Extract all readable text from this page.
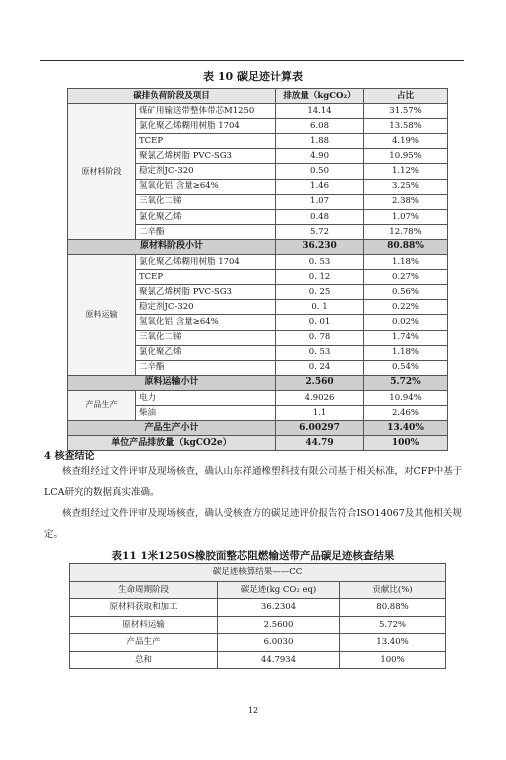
表 10 碳足迹计算表
碳排负荷阶段及项目		排放量（kgCO₂）	占比
原材料阶段	煤矿用输送带整体带芯M1250	14.14	31.57%
	氯化聚乙烯糊用树脂 1704	6.08	13.58%
	TCEP	1.88	4.19%
	聚氯乙烯树脂 PVC-SG3	4.90	10.95%
	稳定剂JC-320	0.50	1.12%
	氢氧化铝 含量≥64%	1.46	3.25%
	三氧化二锑	1.07	2.38%
	氯化聚乙烯	0.48	1.07%
	二辛酯	5.72	12.78%
原材料阶段小计		36.230	80.88%
原料运输	氯化聚乙烯糊用树脂 1704	0. 53	1.18%
	TCEP	0. 12	0.27%
	聚氯乙烯树脂 PVC-SG3	0. 25	0.56%
	稳定剂JC-320	0. 1	0.22%
	氢氧化铝 含量≥64%	0. 01	0.02%
	三氧化二锑	0. 78	1.74%
	氯化聚乙烯	0. 53	1.18%
	二辛酯	0. 24	0.54%
原料运输小计		2.560	5.72%
产品生产	电力	4.9026	10.94%
	柴油	1.1	2.46%
产品生产小计		6.00297	13.40%
单位产品排放量（kgCO2e）		44.79	100%
4 核查结论
核查组经过文件评审及现场核查，确认山东祥通橡塑科技有限公司基于相关标准，对CFP中基于LCA研究的数据真实准确。
核查组经过文件评审及现场核查，确认受核查方的碳足迹评价报告符合ISO14067及其他相关规定。
表11 1米1250S橡胶面整芯阻燃输送带产品碳足迹核查结果
碳足迹核算结果——CC		
生命周期阶段	碳足迹(kg CO₂ eq)	贡献比(%)
原材料获取和加工	36.2304	80.88%
原材料运输	2.5600	5.72%
产品生产	6.0030	13.40%
总和	44.7934	100%
12
